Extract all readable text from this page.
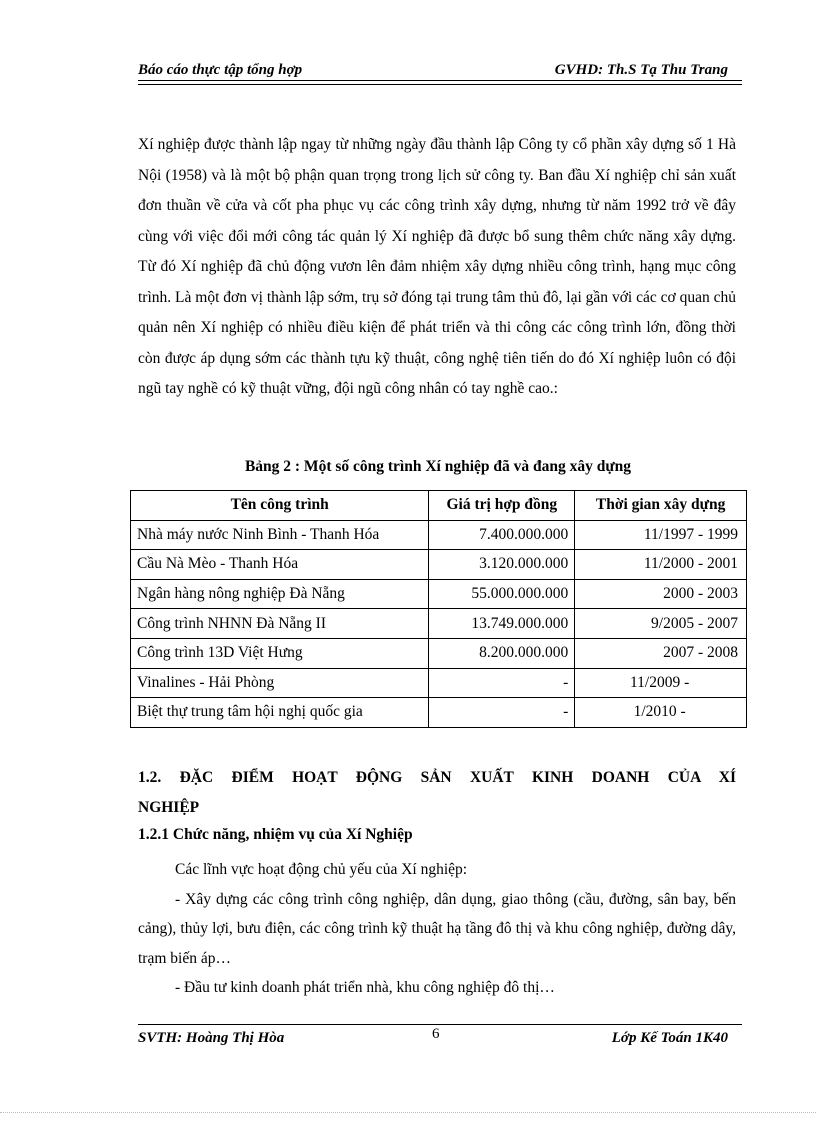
Báo cáo thực tập tổng hợp	GVHD: Th.S Tạ Thu Trang
Xí nghiệp được thành lập ngay từ những ngày đầu thành lập Công ty cổ phần xây dựng số 1 Hà Nội (1958) và là một bộ phận quan trọng trong lịch sử công ty. Ban đầu Xí nghiệp chỉ sản xuất đơn thuần về cửa và cốt pha phục vụ các công trình xây dựng, nhưng từ năm 1992 trở về đây cùng với việc đổi mới công tác quản lý Xí nghiệp đã được bổ sung thêm chức năng xây dựng. Từ đó Xí nghiệp đã chủ động vươn lên đảm nhiệm xây dựng nhiều công trình, hạng mục công trình. Là một đơn vị thành lập sớm, trụ sở đóng tại trung tâm thủ đô, lại gần với các cơ quan chủ quản nên Xí nghiệp có nhiều điều kiện để phát triển và thi công các công trình lớn, đồng thời còn được áp dụng sớm các thành tựu kỹ thuật, công nghệ tiên tiến do đó Xí nghiệp luôn có đội ngũ tay nghề có kỹ thuật vững, đội ngũ công nhân có tay nghề cao.:
Bảng 2 : Một số công trình Xí nghiệp đã và đang xây dựng
Tên công trình	Giá trị hợp đồng	Thời gian xây dựng
Nhà máy nước Ninh Bình - Thanh Hóa	7.400.000.000	11/1997 - 1999
Cầu Nà Mèo - Thanh Hóa	3.120.000.000	11/2000 - 2001
Ngân hàng nông nghiệp Đà Nẵng	55.000.000.000	2000 - 2003
Công trình NHNN Đà Nẵng II	13.749.000.000	9/2005 - 2007
Công trình 13D Việt Hưng	8.200.000.000	2007 - 2008
Vinalines - Hải Phòng	-	11/2009 -
Biệt thự trung tâm hội nghị quốc gia	-	1/2010 -
1.2. ĐẶC ĐIỂM HOẠT ĐỘNG SẢN XUẤT KINH DOANH CỦA XÍ
NGHIỆP
1.2.1 Chức năng, nhiệm vụ của Xí Nghiệp

Các lĩnh vực hoạt động chủ yếu của Xí nghiệp:

- Xây dựng các công trình công nghiệp, dân dụng, giao thông (cầu, đường, sân bay, bến cảng), thủy lợi, bưu điện, các công trình kỹ thuật hạ tầng đô thị và khu công nghiệp, đường dây, trạm biến áp…

- Đầu tư kinh doanh phát triển nhà, khu công nghiệp đô thị…

SVTH: Hoàng Thị Hòa	6	Lớp Kế Toán 1K40
